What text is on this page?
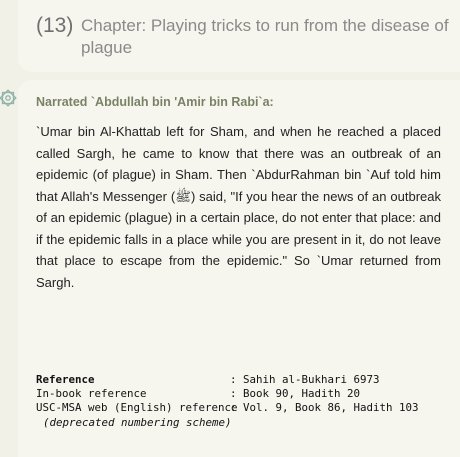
(13) Chapter: Playing tricks to run from the disease of plague
Narrated `Abdullah bin 'Amir bin Rabi`a:
`Umar bin Al-Khattab left for Sham, and when he reached a placed called Sargh, he came to know that there was an outbreak of an epidemic (of plague) in Sham. Then `AbdurRahman bin `Auf told him that Allah's Messenger (ﷺ) said, "If you hear the news of an outbreak of an epidemic (plague) in a certain place, do not enter that place: and if the epidemic falls in a place while you are present in it, do not leave that place to escape from the epidemic." So `Umar returned from Sargh.
Reference	: Sahih al-Bukhari 6973
In-book reference	: Book 90, Hadith 20
USC-MSA web (English) reference
: Vol. 9, Book 86, Hadith 103
(deprecated numbering scheme)
